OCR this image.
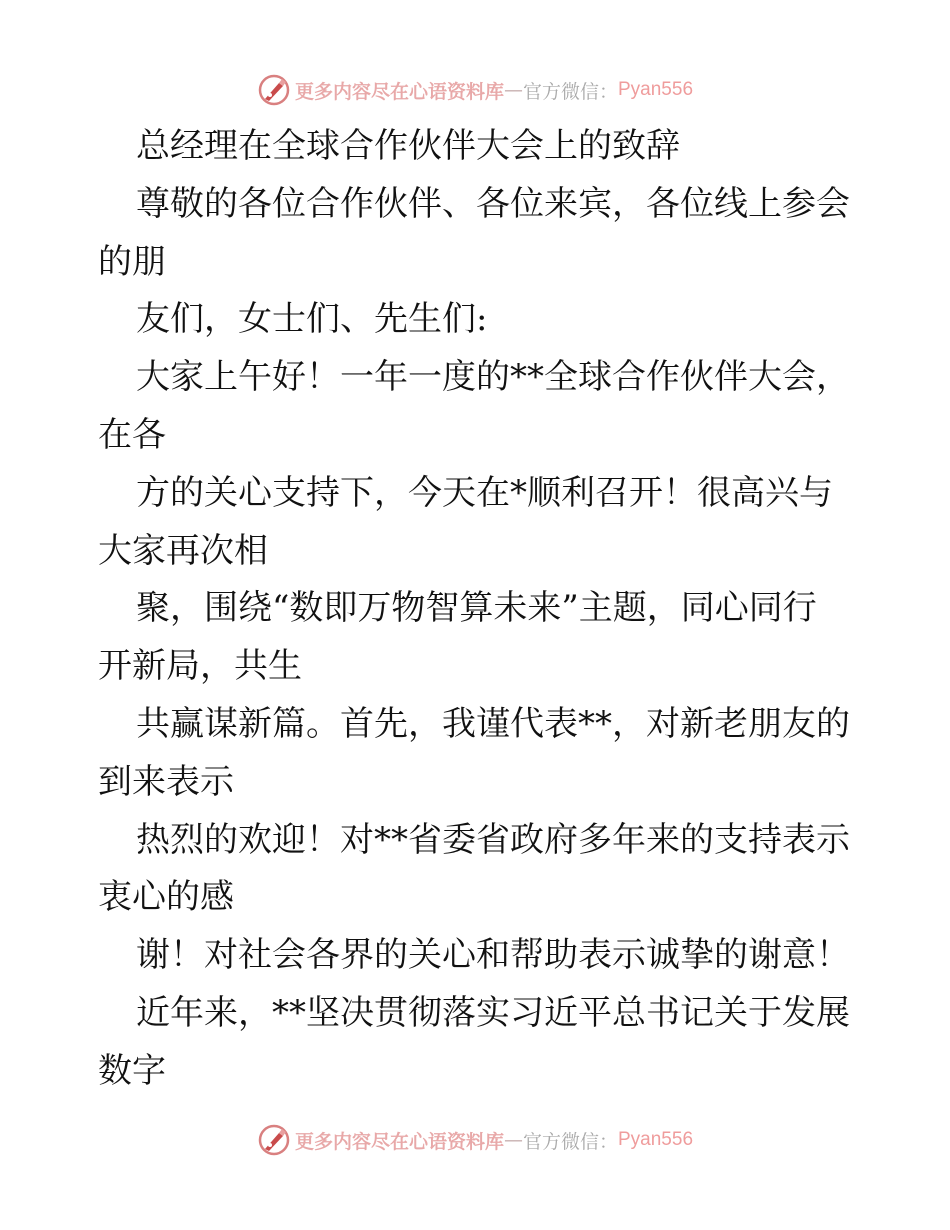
更多内容尽在心语资料库 — 官方微信： Pyan556
总经理在全球合作伙伴大会上的致辞
尊敬的各位合作伙伴、各位来宾，各位线上参会
的朋
友们，女士们、先生们:
大家上午好！一年一度的**全球合作伙伴大会，
在各
方的关心支持下，今天在*顺利召开！很高兴与
大家再次相
聚，围绕“数即万物智算未来”主题，同心同行
开新局，共生
共赢谋新篇。首先，我谨代表**，对新老朋友的
到来表示
热烈的欢迎！对**省委省政府多年来的支持表示
衷心的感
谢！对社会各界的关心和帮助表示诚挚的谢意！
近年来，**坚决贯彻落实习近平总书记关于发展
数字
更多内容尽在心语资料库 — 官方微信： Pyan556
